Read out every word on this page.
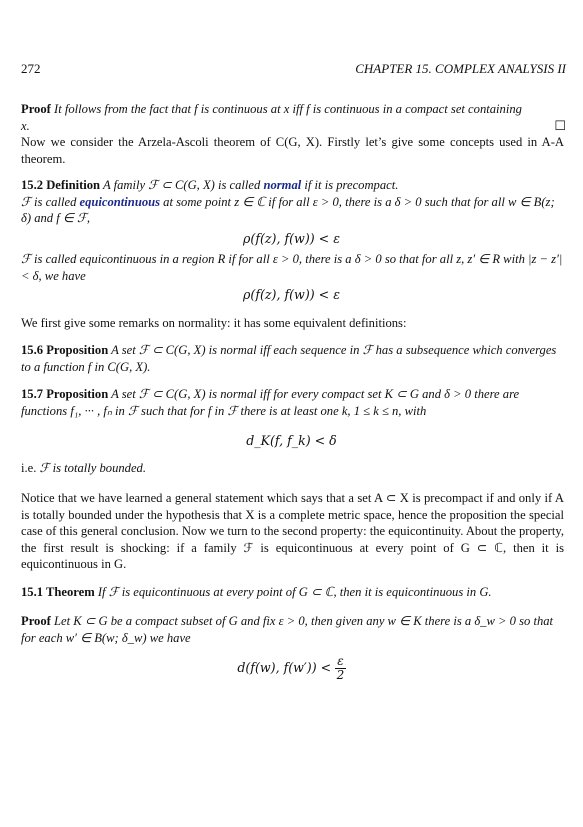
272	CHAPTER 15. COMPLEX ANALYSIS II
Proof It follows from the fact that f is continuous at x iff f is continuous in a compact set containing
x.	☐
Now we consider the Arzela-Ascoli theorem of C(G, X). Firstly let’s give some concepts used in A-A theorem.
15.2 Definition A family ℱ ⊂ C(G, X) is called normal if it is precompact.
ℱ is called equicontinuous at some point z ∈ ℂ if for all ε > 0, there is a δ > 0 such that for all w ∈ B(z; δ) and f ∈ ℱ,
ρ(f(z), f(w)) < ε
ℱ is called equicontinuous in a region R if for all ε > 0, there is a δ > 0 so that for all z, z′ ∈ R with |z − z′| < δ, we have
ρ(f(z), f(w)) < ε
We first give some remarks on normality: it has some equivalent definitions:
15.6 Proposition A set ℱ ⊂ C(G, X) is normal iff each sequence in ℱ has a subsequence which converges to a function f in C(G, X).
15.7 Proposition A set ℱ ⊂ C(G, X) is normal iff for every compact set K ⊂ G and δ > 0 there are functions f₁, ··· , fₙ in ℱ such that for f in ℱ there is at least one k, 1 ≤ k ≤ n, with
d_K(f, f_k) < δ
i.e. ℱ is totally bounded.
Notice that we have learned a general statement which says that a set A ⊂ X is precompact if and only if A is totally bounded under the hypothesis that X is a complete metric space, hence the proposition the special case of this general conclusion. Now we turn to the second property: the equicontinuity. About the property, the first result is shocking: if a family ℱ is equicontinuous at every point of G ⊂ ℂ, then it is equicontinuous in G.
15.1 Theorem If ℱ is equicontinuous at every point of G ⊂ ℂ, then it is equicontinuous in G.
Proof Let K ⊂ G be a compact subset of G and fix ε > 0, then given any w ∈ K there is a δ_w > 0 so that for each w′ ∈ B(w; δ_w) we have
d(f(w), $f(w')) < \frac{\varepsilon}{2}$
